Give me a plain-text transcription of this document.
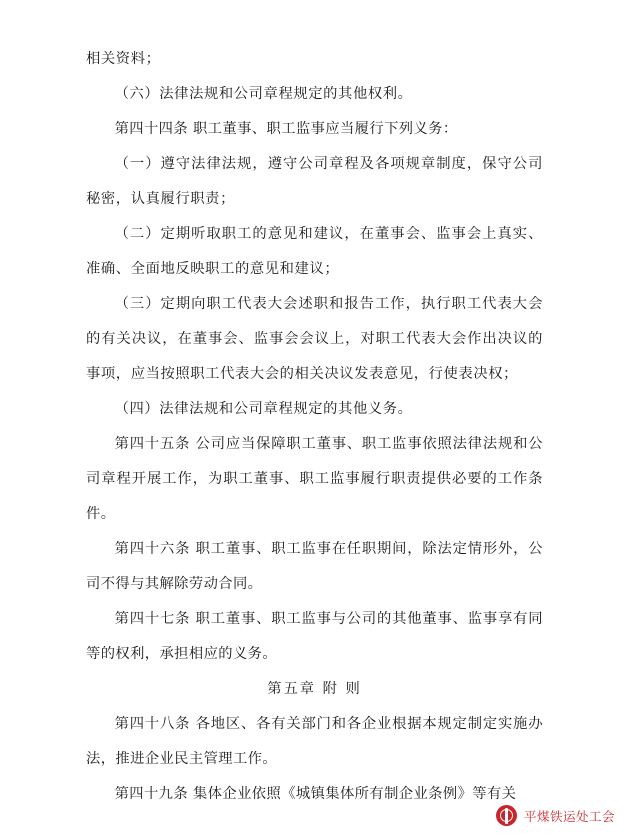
相关资料；

（六）法律法规和公司章程规定的其他权利。

第四十四条 职工董事、职工监事应当履行下列义务：

（一）遵守法律法规，遵守公司章程及各项规章制度，保守公司秘密，认真履行职责；

（二）定期听取职工的意见和建议，在董事会、监事会上真实、准确、全面地反映职工的意见和建议；

（三）定期向职工代表大会述职和报告工作，执行职工代表大会的有关决议，在董事会、监事会会议上，对职工代表大会作出决议的事项，应当按照职工代表大会的相关决议发表意见，行使表决权；

（四）法律法规和公司章程规定的其他义务。

第四十五条 公司应当保障职工董事、职工监事依照法律法规和公司章程开展工作，为职工董事、职工监事履行职责提供必要的工作条件。

第四十六条 职工董事、职工监事在任职期间，除法定情形外，公司不得与其解除劳动合同。

第四十七条 职工董事、职工监事与公司的其他董事、监事享有同等的权利，承担相应的义务。

第五章 附 则

第四十八条 各地区、各有关部门和各企业根据本规定制定实施办法，推进企业民主管理工作。

第四十九条 集体企业依照《城镇集体所有制企业条例》等有关

平煤铁运处工会
